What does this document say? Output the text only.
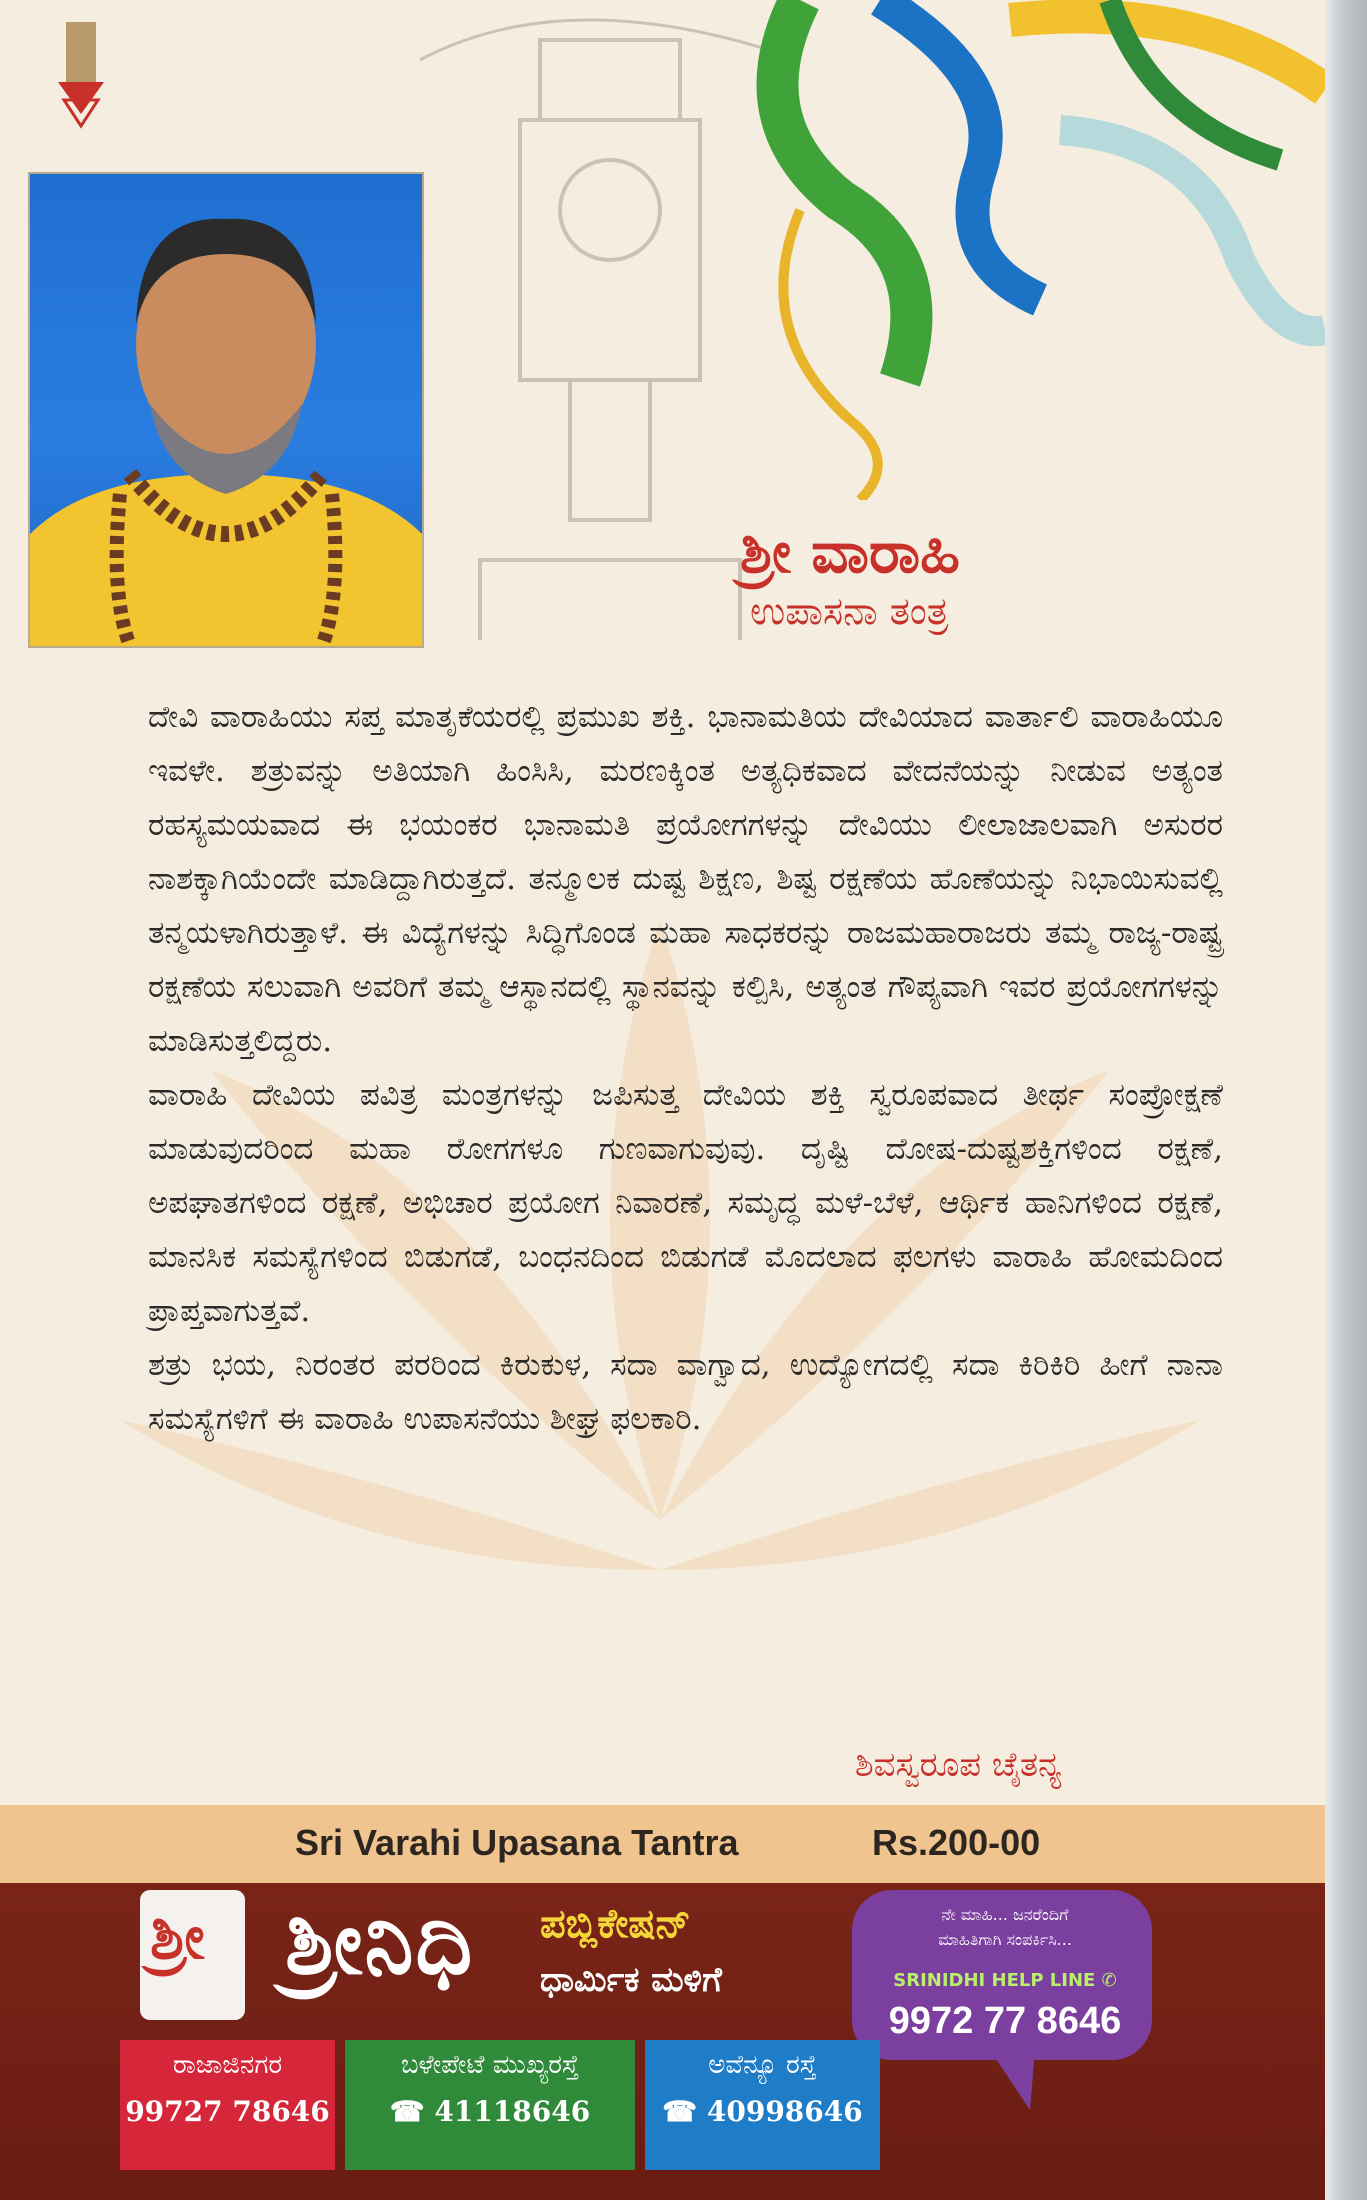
ಶ್ರೀ ವಾರಾಹಿ
ಉಪಾಸನಾ ತಂತ್ರ

ದೇವಿ ವಾರಾಹಿಯು ಸಪ್ತ ಮಾತೃಕೆಯರಲ್ಲಿ ಪ್ರಮುಖ ಶಕ್ತಿ. ಭಾನಾಮತಿಯ ದೇವಿಯಾದ ವಾರ್ತಾಲಿ ವಾರಾಹಿಯೂ ಇವಳೇ. ಶತ್ರುವನ್ನು ಅತಿಯಾಗಿ ಹಿಂಸಿಸಿ, ಮರಣಕ್ಕಿಂತ ಅತ್ಯಧಿಕವಾದ ವೇದನೆಯನ್ನು ನೀಡುವ ಅತ್ಯಂತ ರಹಸ್ಯಮಯವಾದ ಈ ಭಯಂಕರ ಭಾನಾಮತಿ ಪ್ರಯೋಗಗಳನ್ನು ದೇವಿಯು ಲೀಲಾಜಾಲವಾಗಿ ಅಸುರರ ನಾಶಕ್ಕಾಗಿಯೆಂದೇ ಮಾಡಿದ್ದಾಗಿರುತ್ತದೆ. ತನ್ಮೂಲಕ ದುಷ್ಟ ಶಿಕ್ಷಣ, ಶಿಷ್ಟ ರಕ್ಷಣೆಯ ಹೊಣೆಯನ್ನು ನಿಭಾಯಿಸುವಲ್ಲಿ ತನ್ಮಯಳಾಗಿರುತ್ತಾಳೆ. ಈ ವಿದ್ಯೆಗಳನ್ನು ಸಿದ್ಧಿಗೊಂಡ ಮಹಾ ಸಾಧಕರನ್ನು ರಾಜಮಹಾರಾಜರು ತಮ್ಮ ರಾಜ್ಯ-ರಾಷ್ಟ್ರ ರಕ್ಷಣೆಯ ಸಲುವಾಗಿ ಅವರಿಗೆ ತಮ್ಮ ಆಸ್ಥಾನದಲ್ಲಿ ಸ್ಥಾನವನ್ನು ಕಲ್ಪಿಸಿ, ಅತ್ಯಂತ ಗೌಪ್ಯವಾಗಿ ಇವರ ಪ್ರಯೋಗಗಳನ್ನು ಮಾಡಿಸುತ್ತಲಿದ್ದರು.

ವಾರಾಹಿ ದೇವಿಯ ಪವಿತ್ರ ಮಂತ್ರಗಳನ್ನು ಜಪಿಸುತ್ತ ದೇವಿಯ ಶಕ್ತಿ ಸ್ವರೂಪವಾದ ತೀರ್ಥ ಸಂಪ್ರೋಕ್ಷಣೆ ಮಾಡುವುದರಿಂದ ಮಹಾ ರೋಗಗಳೂ ಗುಣವಾಗುವುವು. ದೃಷ್ಟಿ ದೋಷ-ದುಷ್ಟಶಕ್ತಿಗಳಿಂದ ರಕ್ಷಣೆ, ಅಪಘಾತಗಳಿಂದ ರಕ್ಷಣೆ, ಅಭಿಚಾರ ಪ್ರಯೋಗ ನಿವಾರಣೆ, ಸಮೃದ್ಧ ಮಳೆ-ಬೆಳೆ, ಆರ್ಥಿಕ ಹಾನಿಗಳಿಂದ ರಕ್ಷಣೆ, ಮಾನಸಿಕ ಸಮಸ್ಯೆಗಳಿಂದ ಬಿಡುಗಡೆ, ಬಂಧನದಿಂದ ಬಿಡುಗಡೆ ಮೊದಲಾದ ಫಲಗಳು ವಾರಾಹಿ ಹೋಮದಿಂದ ಪ್ರಾಪ್ತವಾಗುತ್ತವೆ.

ಶತ್ರು ಭಯ, ನಿರಂತರ ಪರರಿಂದ ಕಿರುಕುಳ, ಸದಾ ವಾಗ್ವಾದ, ಉದ್ಯೋಗದಲ್ಲಿ ಸದಾ ಕಿರಿಕಿರಿ ಹೀಗೆ ನಾನಾ ಸಮಸ್ಯೆಗಳಿಗೆ ಈ ವಾರಾಹಿ ಉಪಾಸನೆಯು ಶೀಘ್ರ ಫಲಕಾರಿ.

ಶಿವಸ್ವರೂಪ ಚೈತನ್ಯ
Sri Varahi Upasana Tantra	Rs.200-00
ಶ್ರೀ ಶ್ರೀನಿಧಿ ಪಬ್ಲಿಕೇಷನ್
ಧಾರ್ಮಿಕ ಮಳಿಗೆ
ನೇ ಮಾಹಿ... ಜನರೆಂದಿಗೆ
ಮಾಹಿತಿಗಾಗಿ ಸಂಪರ್ಕಿಸಿ...
SRINIDHI HELP LINE ✆
9972 77 8646
ರಾಜಾಜಿನಗರ
99727 78646
ಬಳೇಪೇಟೆ ಮುಖ್ಯರಸ್ತೆ
☎ 41118646
ಅವೆನ್ಯೂ ರಸ್ತೆ
☎ 40998646
